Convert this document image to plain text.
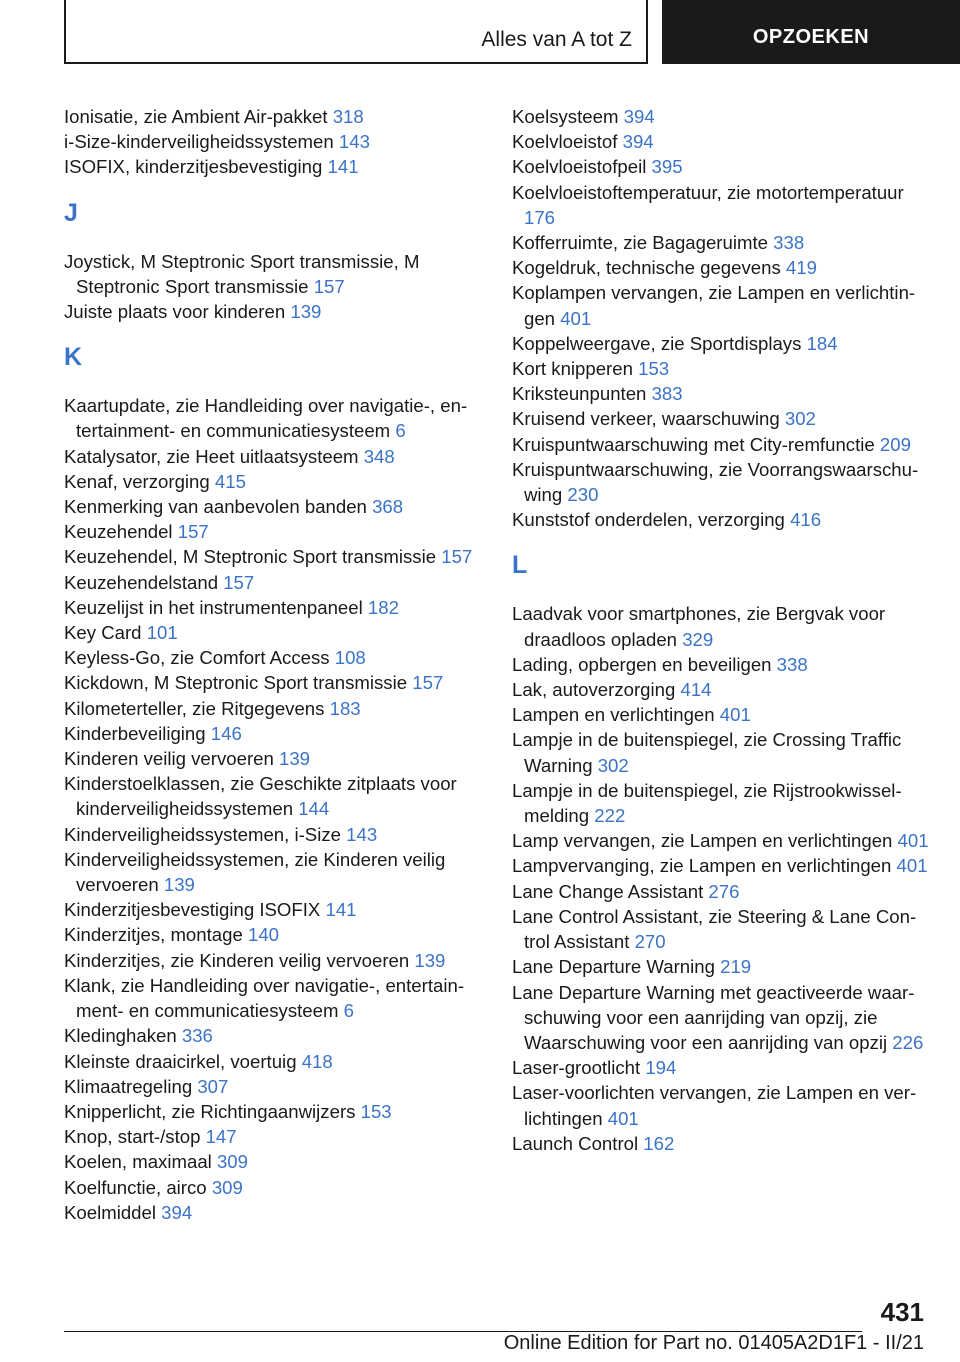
Alles van A tot Z	OPZOEKEN
Ionisatie, zie Ambient Air-pakket 318
i-Size-kinderveiligheidssystemen 143
ISOFIX, kinderzitjesbevestiging 141
J
Joystick, M Steptronic Sport transmissie, M Steptronic Sport transmissie 157
Juiste plaats voor kinderen 139
K
Kaartupdate, zie Handleiding over navigatie-, entertainment- en communicatiesysteem 6
Katalysator, zie Heet uitlaatsysteem 348
Kenaf, verzorging 415
Kenmerking van aanbevolen banden 368
Keuzehendel 157
Keuzehendel, M Steptronic Sport transmissie 157
Keuzehendelstand 157
Keuzelijst in het instrumentenpaneel 182
Key Card 101
Keyless-Go, zie Comfort Access 108
Kickdown, M Steptronic Sport transmissie 157
Kilometerteller, zie Ritgegevens 183
Kinderbeveiliging 146
Kinderen veilig vervoeren 139
Kinderstoelklassen, zie Geschikte zitplaats voor kinderveiligheidssystemen 144
Kinderveiligheidssystemen, i-Size 143
Kinderveiligheidssystemen, zie Kinderen veilig vervoeren 139
Kinderzitjesbevestiging ISOFIX 141
Kinderzitjes, montage 140
Kinderzitjes, zie Kinderen veilig vervoeren 139
Klank, zie Handleiding over navigatie-, entertainment- en communicatiesysteem 6
Kledinghaken 336
Kleinste draaicirkel, voertuig 418
Klimaatregeling 307
Knipperlicht, zie Richtingaanwijzers 153
Knop, start-/stop 147
Koelen, maximaal 309
Koelfunctie, airco 309
Koelmiddel 394
Koelsysteem 394
Koelvloeistof 394
Koelvloeistofpeil 395
Koelvloeistoftemperatuur, zie motortemperatuur 176
Kofferruimte, zie Bagageruimte 338
Kogeldruk, technische gegevens 419
Koplampen vervangen, zie Lampen en verlichtingen 401
Koppelweergave, zie Sportdisplays 184
Kort knipperen 153
Kriksteunpunten 383
Kruisend verkeer, waarschuwing 302
Kruispuntwaarschuwing met City-remfunctie 209
Kruispuntwaarschuwing, zie Voorrangswaarschuwing 230
Kunststof onderdelen, verzorging 416
L
Laadvak voor smartphones, zie Bergvak voor draadloos opladen 329
Lading, opbergen en beveiligen 338
Lak, autoverzorging 414
Lampen en verlichtingen 401
Lampje in de buitenspiegel, zie Crossing Traffic Warning 302
Lampje in de buitenspiegel, zie Rijstrookwisselmelding 222
Lamp vervangen, zie Lampen en verlichtingen 401
Lampvervanging, zie Lampen en verlichtingen 401
Lane Change Assistant 276
Lane Control Assistant, zie Steering & Lane Control Assistant 270
Lane Departure Warning 219
Lane Departure Warning met geactiveerde waarschuwing voor een aanrijding van opzij, zie Waarschuwing voor een aanrijding van opzij 226
Laser-grootlicht 194
Laser-voorlichten vervangen, zie Lampen en verlichtingen 401
Launch Control 162
431
Online Edition for Part no. 01405A2D1F1 - II/21
